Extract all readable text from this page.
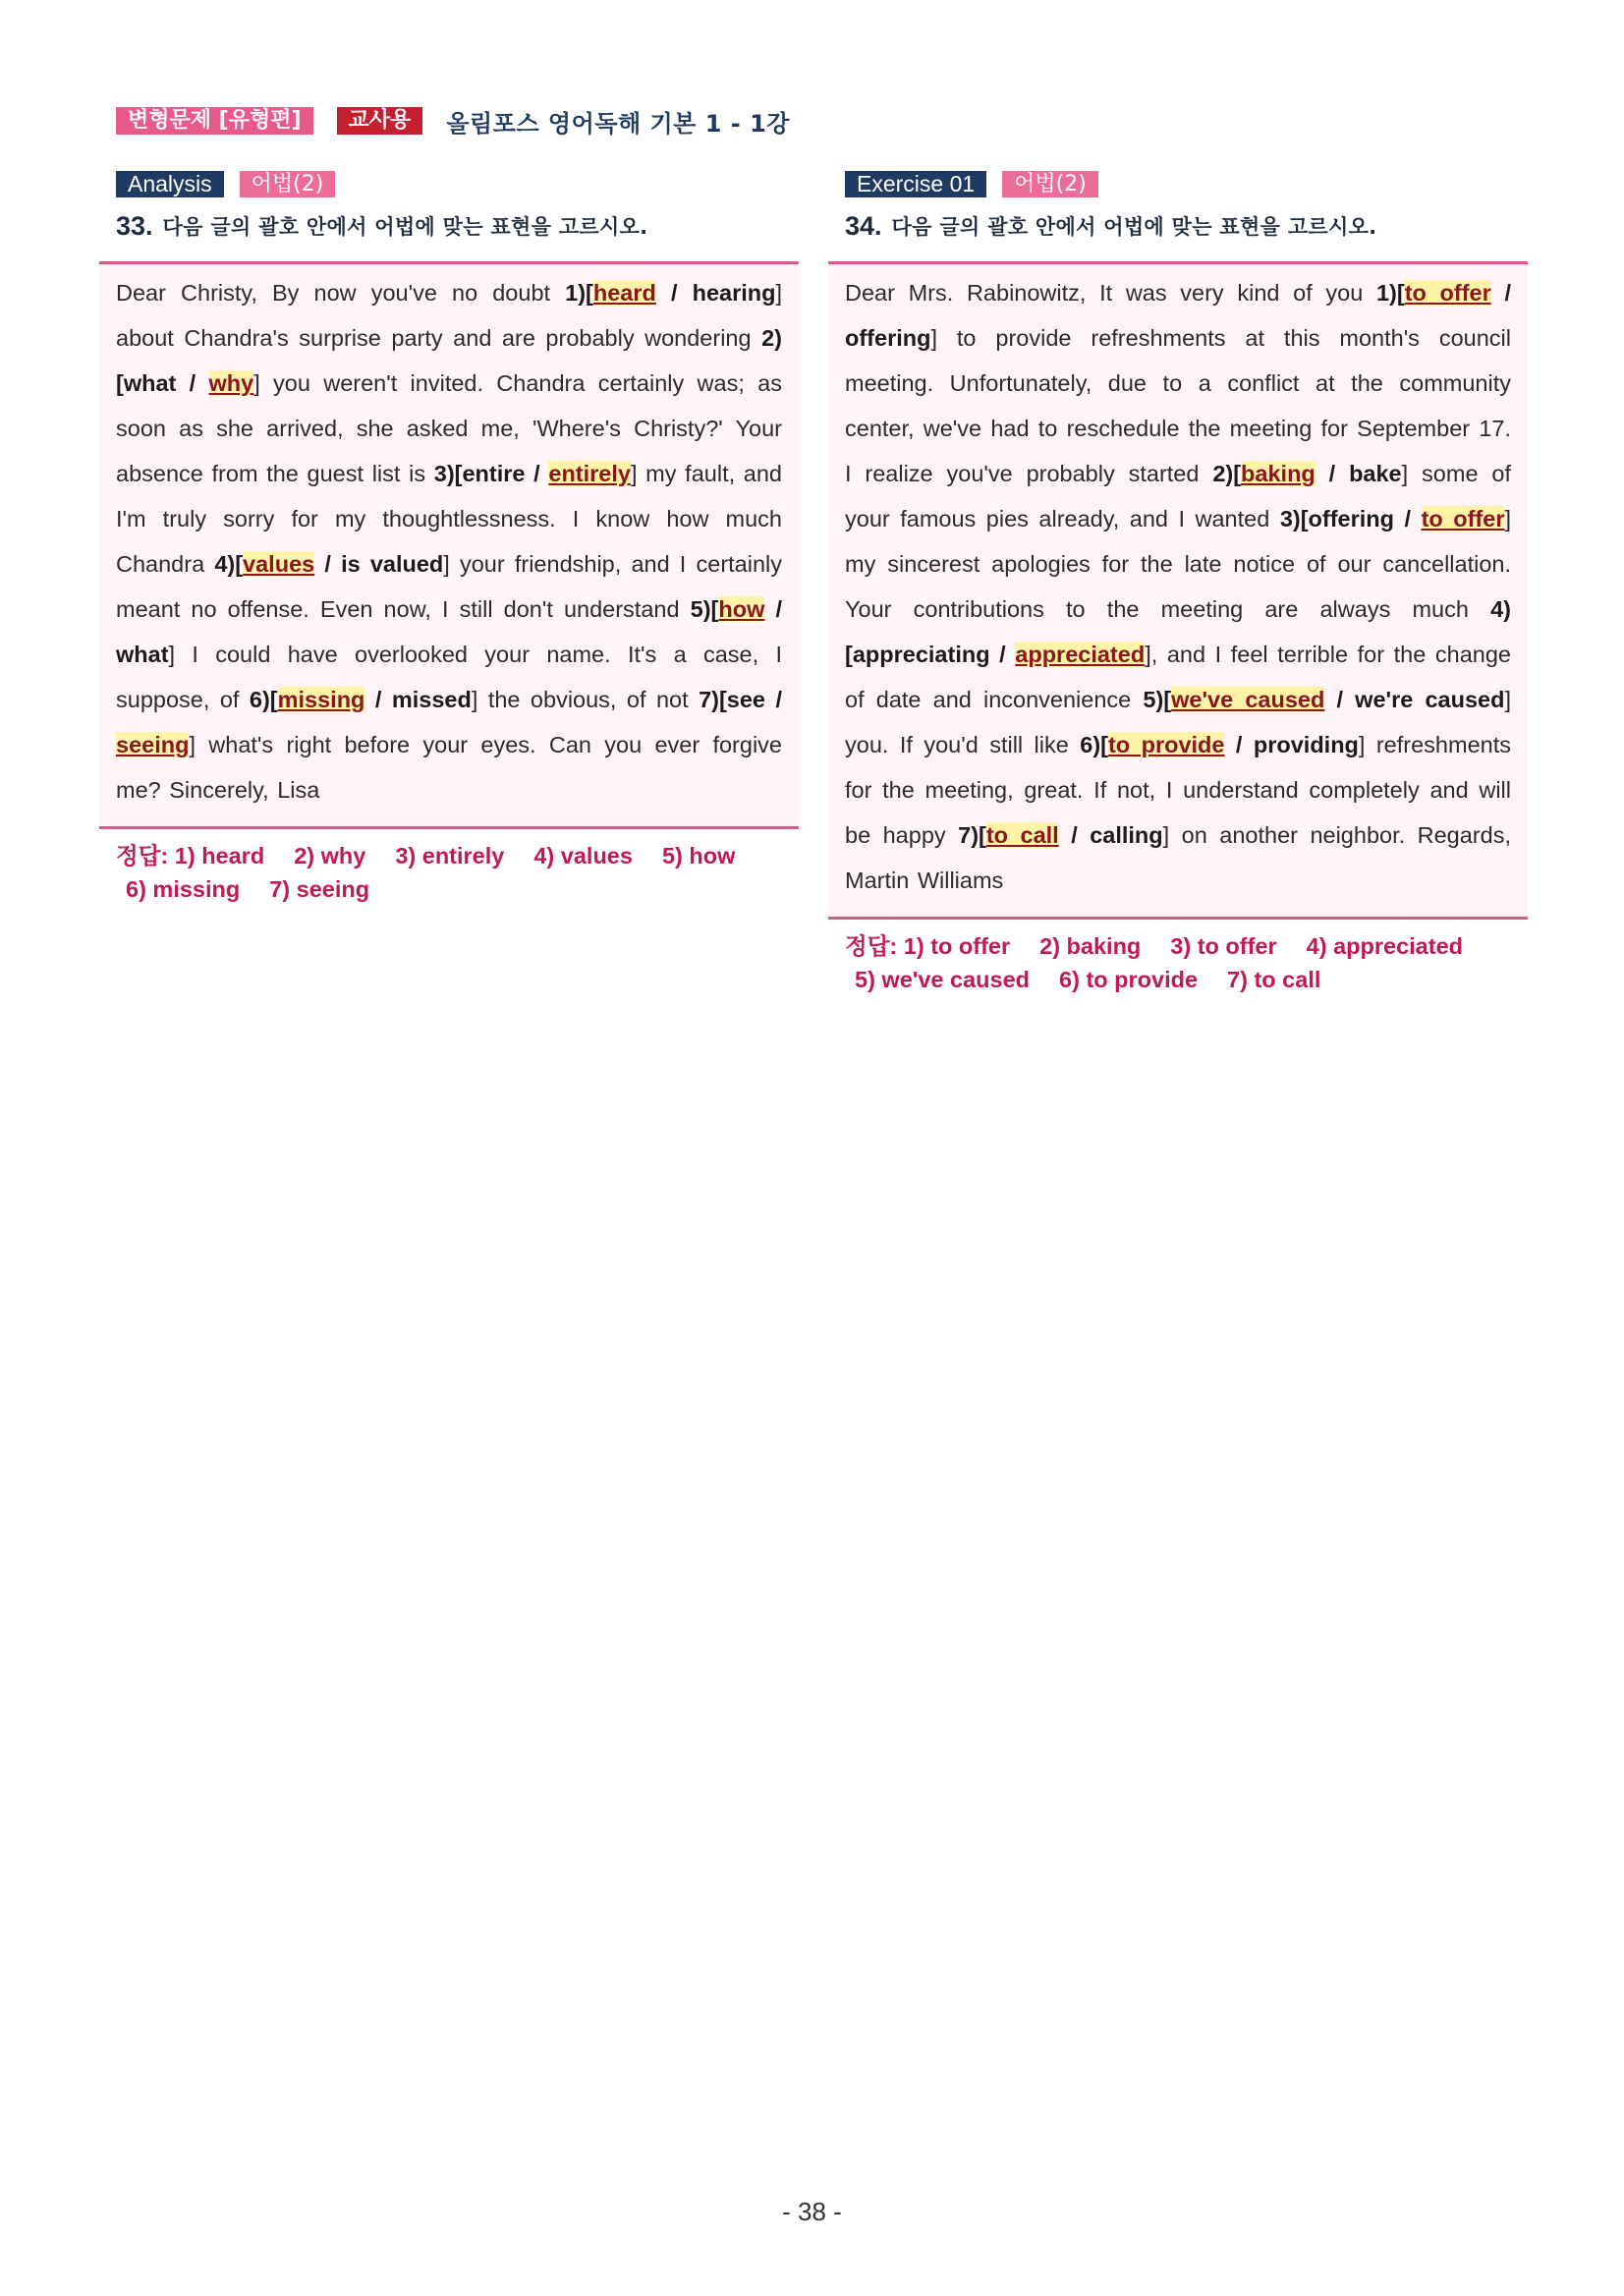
변형문제 [유형편]	교사용	올림포스 영어독해 기본 1 - 1강
Analysis	어법(2)
33. 다음 글의 괄호 안에서 어법에 맞는 표현을 고르시오.
Dear Christy, By now you've no doubt 1)[heard / hearing] about Chandra's surprise party and are probably wondering 2)[what / why] you weren't invited. Chandra certainly was; as soon as she arrived, she asked me, 'Where's Christy?' Your absence from the guest list is 3)[entire / entirely] my fault, and I'm truly sorry for my thoughtlessness. I know how much Chandra 4)[values / is valued] your friendship, and I certainly meant no offense. Even now, I still don't understand 5)[how / what] I could have overlooked your name. It's a case, I suppose, of 6)[missing / missed] the obvious, of not 7)[see / seeing] what's right before your eyes. Can you ever forgive me? Sincerely, Lisa
정답: 1) heard 2) why 3) entirely 4) values 5) how
6) missing 7) seeing
Exercise 01	어법(2)
34. 다음 글의 괄호 안에서 어법에 맞는 표현을 고르시오.
Dear Mrs. Rabinowitz, It was very kind of you 1)[to offer / offering] to provide refreshments at this month's council meeting. Unfortunately, due to a conflict at the community center, we've had to reschedule the meeting for September 17. I realize you've probably started 2)[baking / bake] some of your famous pies already, and I wanted 3)[offering / to offer] my sincerest apologies for the late notice of our cancellation. Your contributions to the meeting are always much 4)[appreciating / appreciated], and I feel terrible for the change of date and inconvenience 5)[we've caused / we're caused] you. If you'd still like 6)[to provide / providing] refreshments for the meeting, great. If not, I understand completely and will be happy 7)[to call / calling] on another neighbor. Regards, Martin Williams
정답: 1) to offer 2) baking 3) to offer 4) appreciated
5) we've caused 6) to provide 7) to call
- 38 -
